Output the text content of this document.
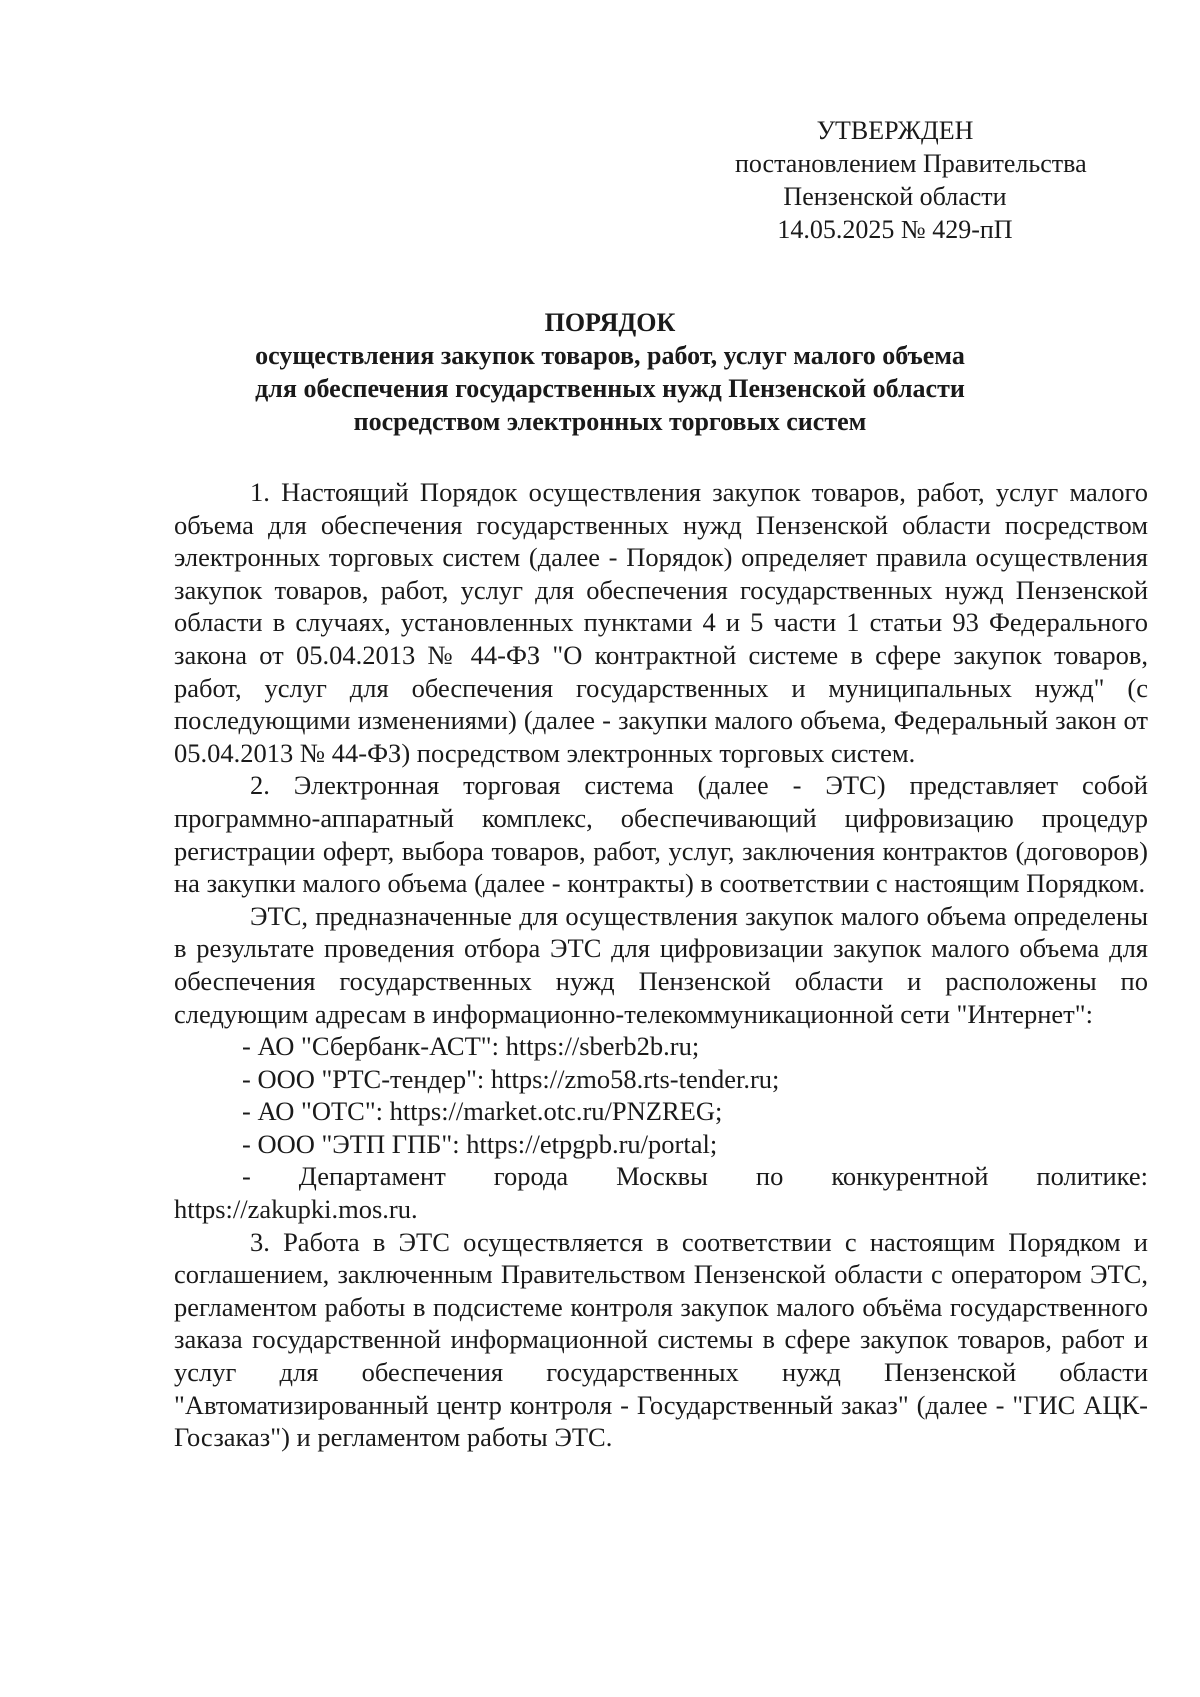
УТВЕРЖДЕН
постановлением Правительства
Пензенской области
14.05.2025 № 429-пП
ПОРЯДОК
осуществления закупок товаров, работ, услуг малого объема
для обеспечения государственных нужд Пензенской области
посредством электронных торговых систем

1. Настоящий Порядок осуществления закупок товаров, работ, услуг малого объема для обеспечения государственных нужд Пензенской области посредством электронных торговых систем (далее - Порядок) определяет правила осуществления закупок товаров, работ, услуг для обеспечения государственных нужд Пензенской области в случаях, установленных пунктами 4 и 5 части 1 статьи 93 Федерального закона от 05.04.2013 № 44-ФЗ "О контрактной системе в сфере закупок товаров, работ, услуг для обеспечения государственных и муниципальных нужд" (с последующими изменениями) (далее - закупки малого объема, Федеральный закон от 05.04.2013 № 44-ФЗ) посредством электронных торговых систем.

2. Электронная торговая система (далее - ЭТС) представляет собой программно-аппаратный комплекс, обеспечивающий цифровизацию процедур регистрации оферт, выбора товаров, работ, услуг, заключения контрактов (договоров) на закупки малого объема (далее - контракты) в соответствии с настоящим Порядком.

ЭТС, предназначенные для осуществления закупок малого объема определены в результате проведения отбора ЭТС для цифровизации закупок малого объема для обеспечения государственных нужд Пензенской области и расположены по следующим адресам в информационно-телекоммуникационной сети "Интернет":

- АО "Сбербанк-АСТ": https://sberb2b.ru;

- ООО "РТС-тендер": https://zmo58.rts-tender.ru;

- АО "ОТС": https://market.otc.ru/PNZREG;

- ООО "ЭТП ГПБ": https://etpgpb.ru/portal;

- Департамент города Москвы по конкурентной политике: https://zakupki.mos.ru.

3. Работа в ЭТС осуществляется в соответствии с настоящим Порядком и соглашением, заключенным Правительством Пензенской области с оператором ЭТС, регламентом работы в подсистеме контроля закупок малого объёма государственного заказа государственной информационной системы в сфере закупок товаров, работ и услуг для обеспечения государственных нужд Пензенской области "Автоматизированный центр контроля - Государственный заказ" (далее - "ГИС АЦК-Госзаказ") и регламентом работы ЭТС.
